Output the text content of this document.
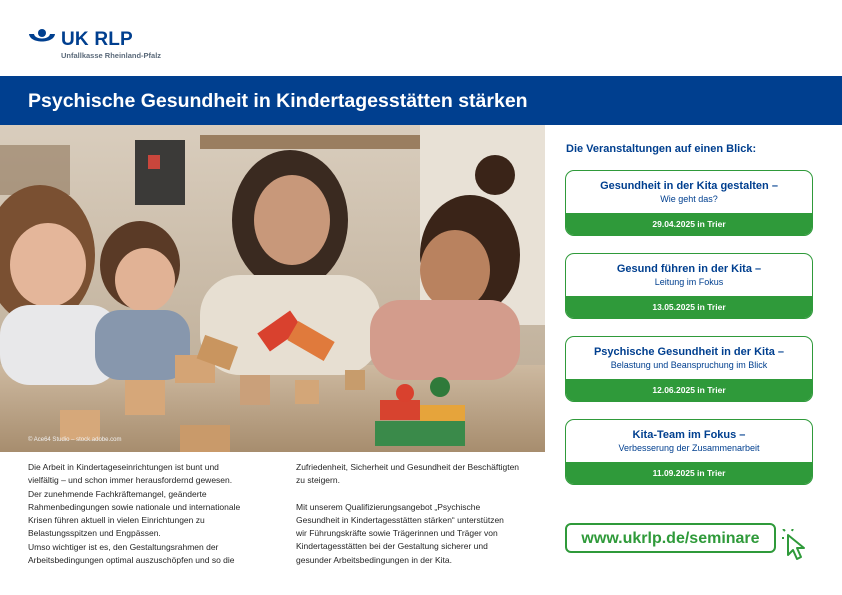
UK RLP
Unfallkasse Rheinland-Pfalz
Psychische Gesundheit in Kindertagesstätten stärken
© Ace64 Studio – stock.adobe.com
Die Arbeit in Kindertageseinrichtungen ist bunt und
vielfältig – und schon immer herausfordernd gewesen.
Der zunehmende Fachkräftemangel, geänderte
Rahmenbedingungen sowie nationale und internationale
Krisen führen aktuell in vielen Einrichtungen zu
Belastungsspitzen und Engpässen.
Umso wichtiger ist es, den Gestaltungsrahmen der
Arbeitsbedingungen optimal auszuschöpfen und so die

Zufriedenheit, Sicherheit und Gesundheit der Beschäftigten
zu steigern.

Mit unserem Qualifizierungsangebot „Psychische
Gesundheit in Kindertagesstätten stärken“ unterstützen
wir Führungskräfte sowie Trägerinnen und Träger von
Kindertagesstätten bei der Gestaltung sicherer und
gesunder Arbeitsbedingungen in der Kita.

Die Veranstaltungen auf einen Blick:
Gesundheit in der Kita gestalten –
Wie geht das?
29.04.2025 in Trier
Gesund führen in der Kita –
Leitung im Fokus
13.05.2025 in Trier
Psychische Gesundheit in der Kita –
Belastung und Beanspruchung im Blick
12.06.2025 in Trier
Kita-Team im Fokus –
Verbesserung der Zusammenarbeit
11.09.2025 in Trier
www.ukrlp.de/seminare
